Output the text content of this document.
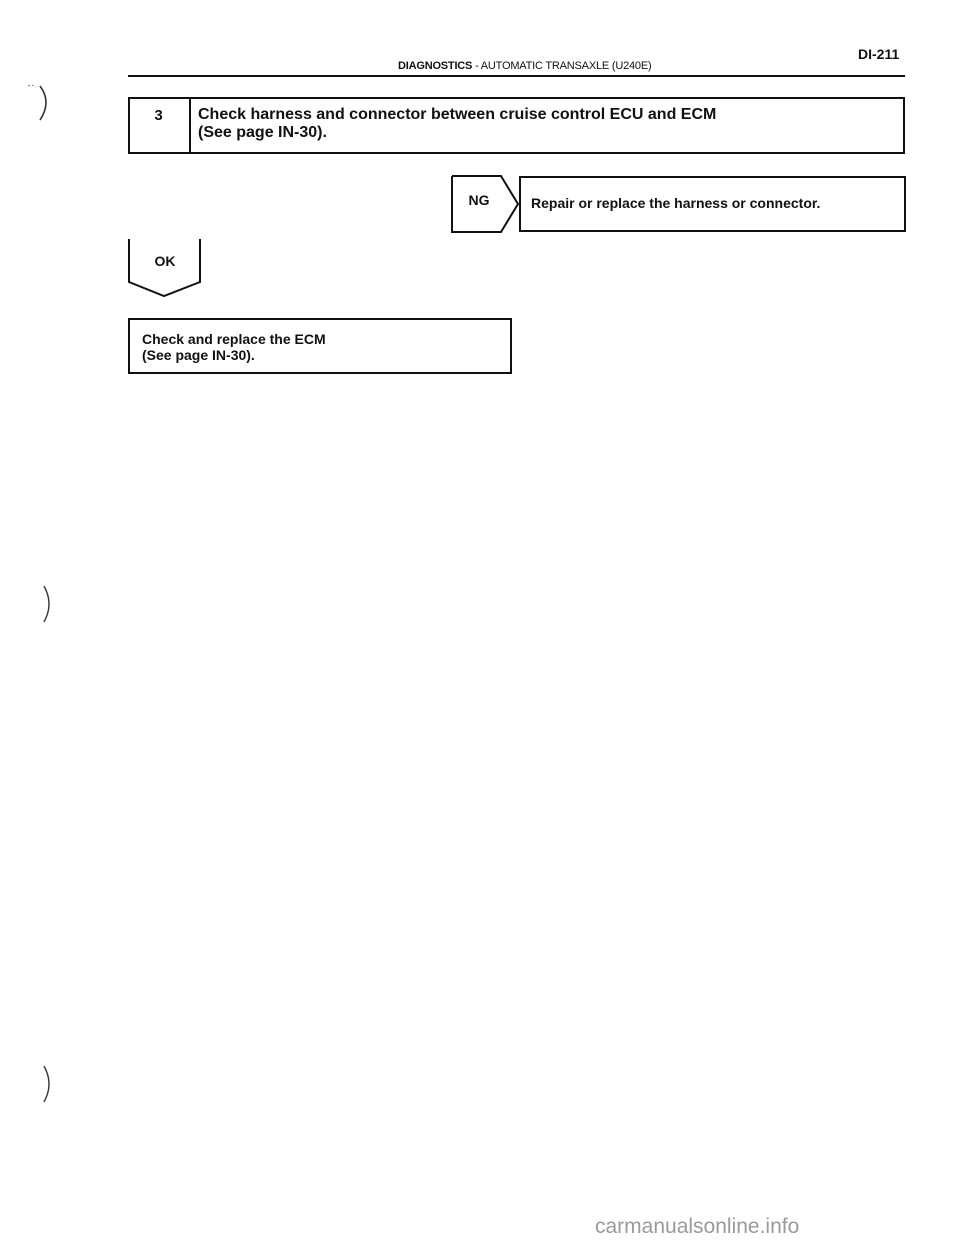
DIAGNOSTICS - AUTOMATIC TRANSAXLE (U240E)
DI-211
3	Check harness and connector between cruise control ECU and ECM
(See page IN-30).
NG	Repair or replace the harness or connector.
OK
Check and replace the ECM
(See page IN-30).
carmanualsonline.info
